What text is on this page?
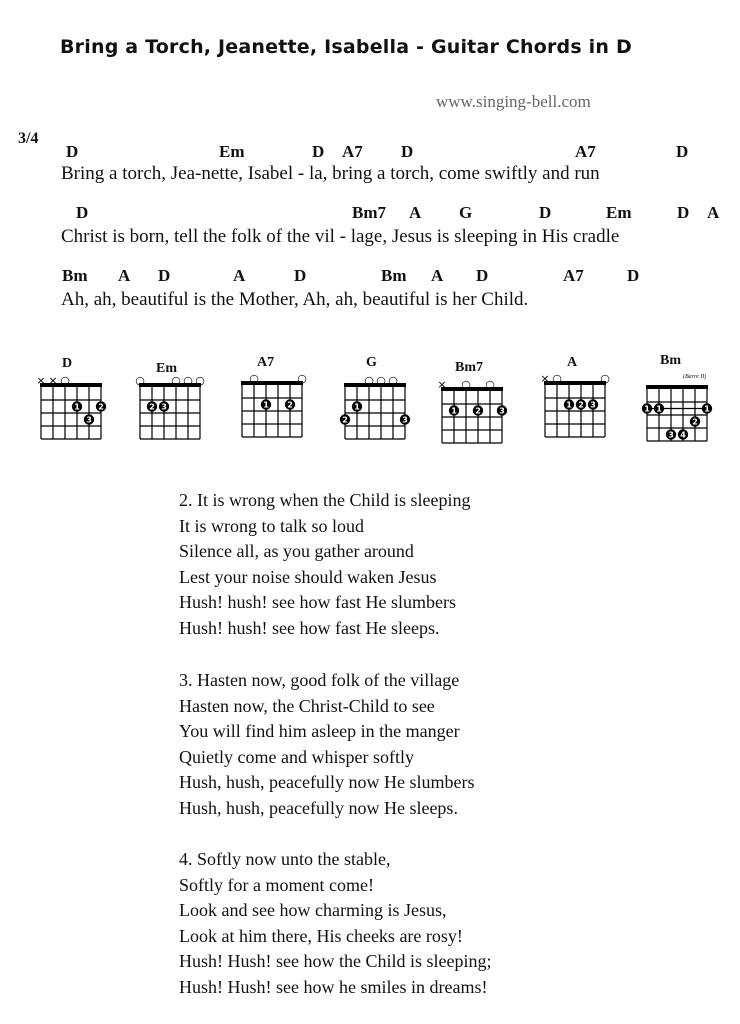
Bring a Torch, Jeanette, Isabella - Guitar Chords in D
www.singing-bell.com
3/4
D	Em	D A7 D	A7	D
Bring a torch, Jea-nette, Isabel - la, bring a torch, come swiftly and run
D	Bm7 A G	D	Em	D A
Christ is born, tell the folk of the vil - lage, Jesus is sleeping in His cradle
Bm A D	A	D	Bm A D	A7	D
Ah, ah, beautiful is the Mother, Ah, ah, beautiful is her Child.
D	Em	A7	G	Bm7	A	Bm
(Barre II)
× × ○
1 2
3
○ ○ ○ ○
2 3
○	○
1 2
○ ○ ○
1
2	3
× ○ ○
1 2 3
× ○	○
1 2 3	1 1	1
2
3 4
2. It is wrong when the Child is sleeping
It is wrong to talk so loud
Silence all, as you gather around
Lest your noise should waken Jesus
Hush! hush! see how fast He slumbers
Hush! hush! see how fast He sleeps.
3. Hasten now, good folk of the village
Hasten now, the Christ-Child to see
You will find him asleep in the manger
Quietly come and whisper softly
Hush, hush, peacefully now He slumbers
Hush, hush, peacefully now He sleeps.
4. Softly now unto the stable,
Softly for a moment come!
Look and see how charming is Jesus,
Look at him there, His cheeks are rosy!
Hush! Hush! see how the Child is sleeping;
Hush! Hush! see how he smiles in dreams!
